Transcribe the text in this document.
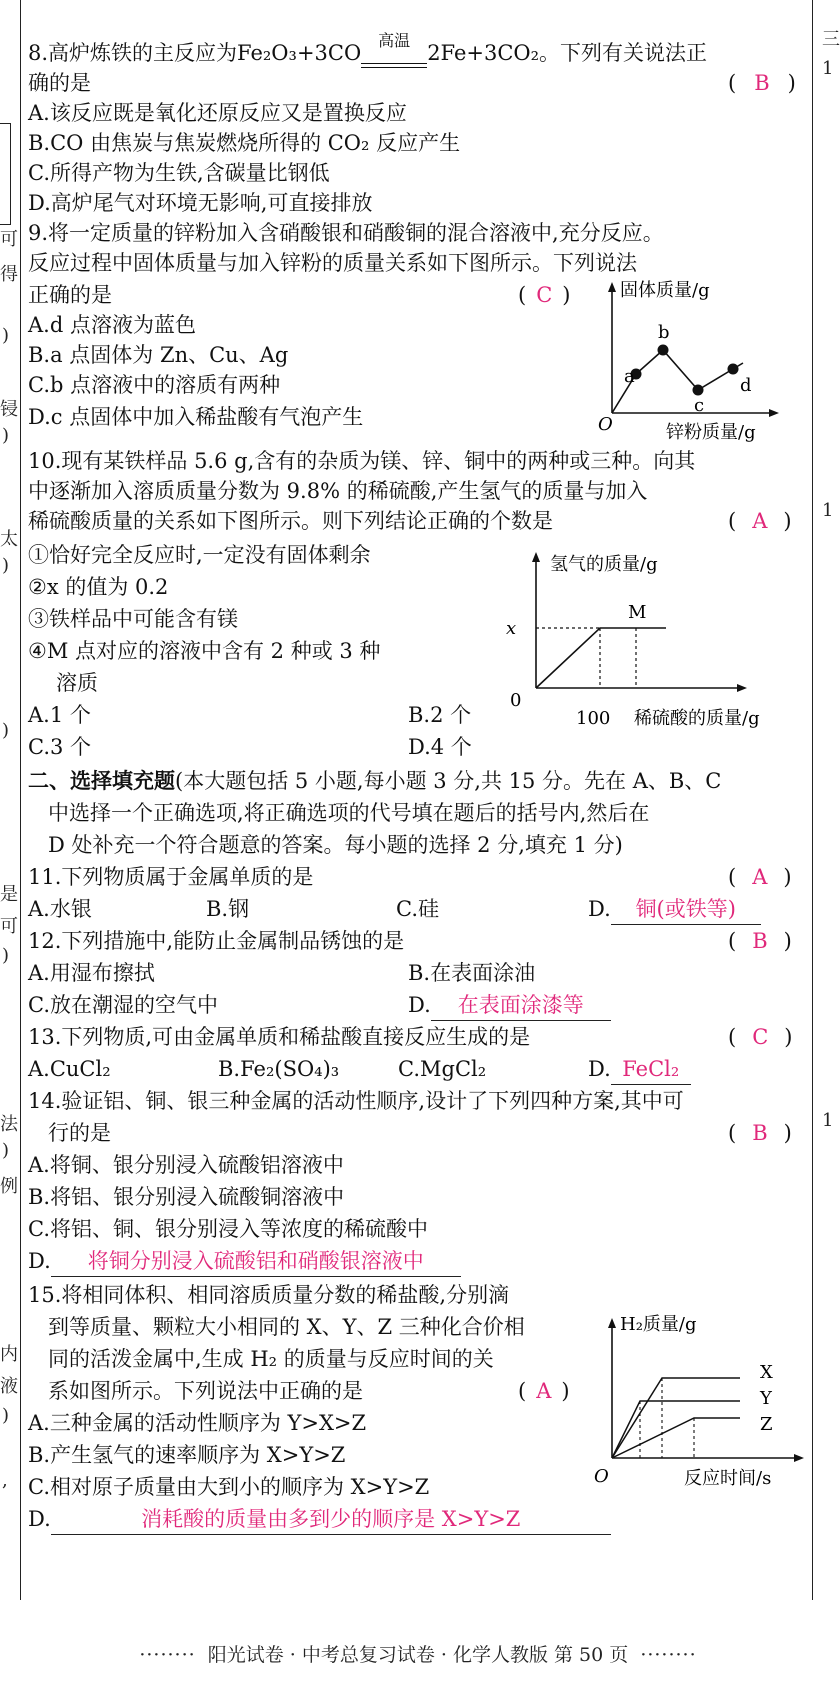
可
得
)
锓
)
太
)
)
是
可
)
法
)
例
内
液
)
,
三
1
1
1
8.高炉炼铁的主反应为Fe₂O₃+3CO
高温
2Fe+3CO₂。下列有关说法正
确的是	( B )
A.该反应既是氧化还原反应又是置换反应
B.CO 由焦炭与焦炭燃烧所得的 CO₂ 反应产生
C.所得产物为生铁,含碳量比钢低
D.高炉尾气对环境无影响,可直接排放
9.将一定质量的锌粉加入含硝酸银和硝酸铜的混合溶液中,充分反应。
反应过程中固体质量与加入锌粉的质量关系如下图所示。下列说法
正确的是	( C )
A.d 点溶液为蓝色
B.a 点固体为 Zn、Cu、Ag
C.b 点溶液中的溶质有两种
D.c 点固体中加入稀盐酸有气泡产生
固体质量/g
锌粉质量/g
O
a
b
c
d
10.现有某铁样品 5.6 g,含有的杂质为镁、锌、铜中的两种或三种。向其
中逐渐加入溶质质量分数为 9.8% 的稀硫酸,产生氢气的质量与加入
稀硫酸质量的关系如下图所示。则下列结论正确的个数是	( A )
①恰好完全反应时,一定没有固体剩余
②x 的值为 0.2
③铁样品中可能含有镁
④M 点对应的溶液中含有 2 种或 3 种
溶质
A.1 个	B.2 个
C.3 个	D.4 个
氢气的质量/g
0
x
100 稀硫酸的质量/g
M
二、选择填充题(本大题包括 5 小题,每小题 3 分,共 15 分。先在 A、B、C
中选择一个正确选项,将正确选项的代号填在题后的括号内,然后在
D 处补充一个符合题意的答案。每小题的选择 2 分,填充 1 分)
11.下列物质属于金属单质的是	( A )
A.水银	B.钢	C.硅	D. 铜(或铁等)
12.下列措施中,能防止金属制品锈蚀的是	( B )
A.用湿布擦拭	B.在表面涂油
C.放在潮湿的空气中	D. 在表面涂漆等
13.下列物质,可由金属单质和稀盐酸直接反应生成的是	( C )
A.CuCl₂	B.Fe₂(SO₄)₃	C.MgCl₂	D. FeCl₂
14.验证铝、铜、银三种金属的活动性顺序,设计了下列四种方案,其中可
行的是	( B )
A.将铜、银分别浸入硫酸铝溶液中
B.将铝、银分别浸入硫酸铜溶液中
C.将铝、铜、银分别浸入等浓度的稀硫酸中
D. 将铜分别浸入硫酸铝和硝酸银溶液中
15.将相同体积、相同溶质质量分数的稀盐酸,分别滴
到等质量、颗粒大小相同的 X、Y、Z 三种化合价相
同的活泼金属中,生成 H₂ 的质量与反应时间的关
系如图所示。下列说法中正确的是	( A )
A.三种金属的活动性顺序为 Y>X>Z
B.产生氢气的速率顺序为 X>Y>Z
C.相对原子质量由大到小的顺序为 X>Y>Z
D.	消耗酸的质量由多到少的顺序是 X>Y>Z
H₂质量/g
O	反应时间/s
X
Y
Z
········ 阳光试卷 · 中考总复习试卷 · 化学人教版 第 50 页 ········
